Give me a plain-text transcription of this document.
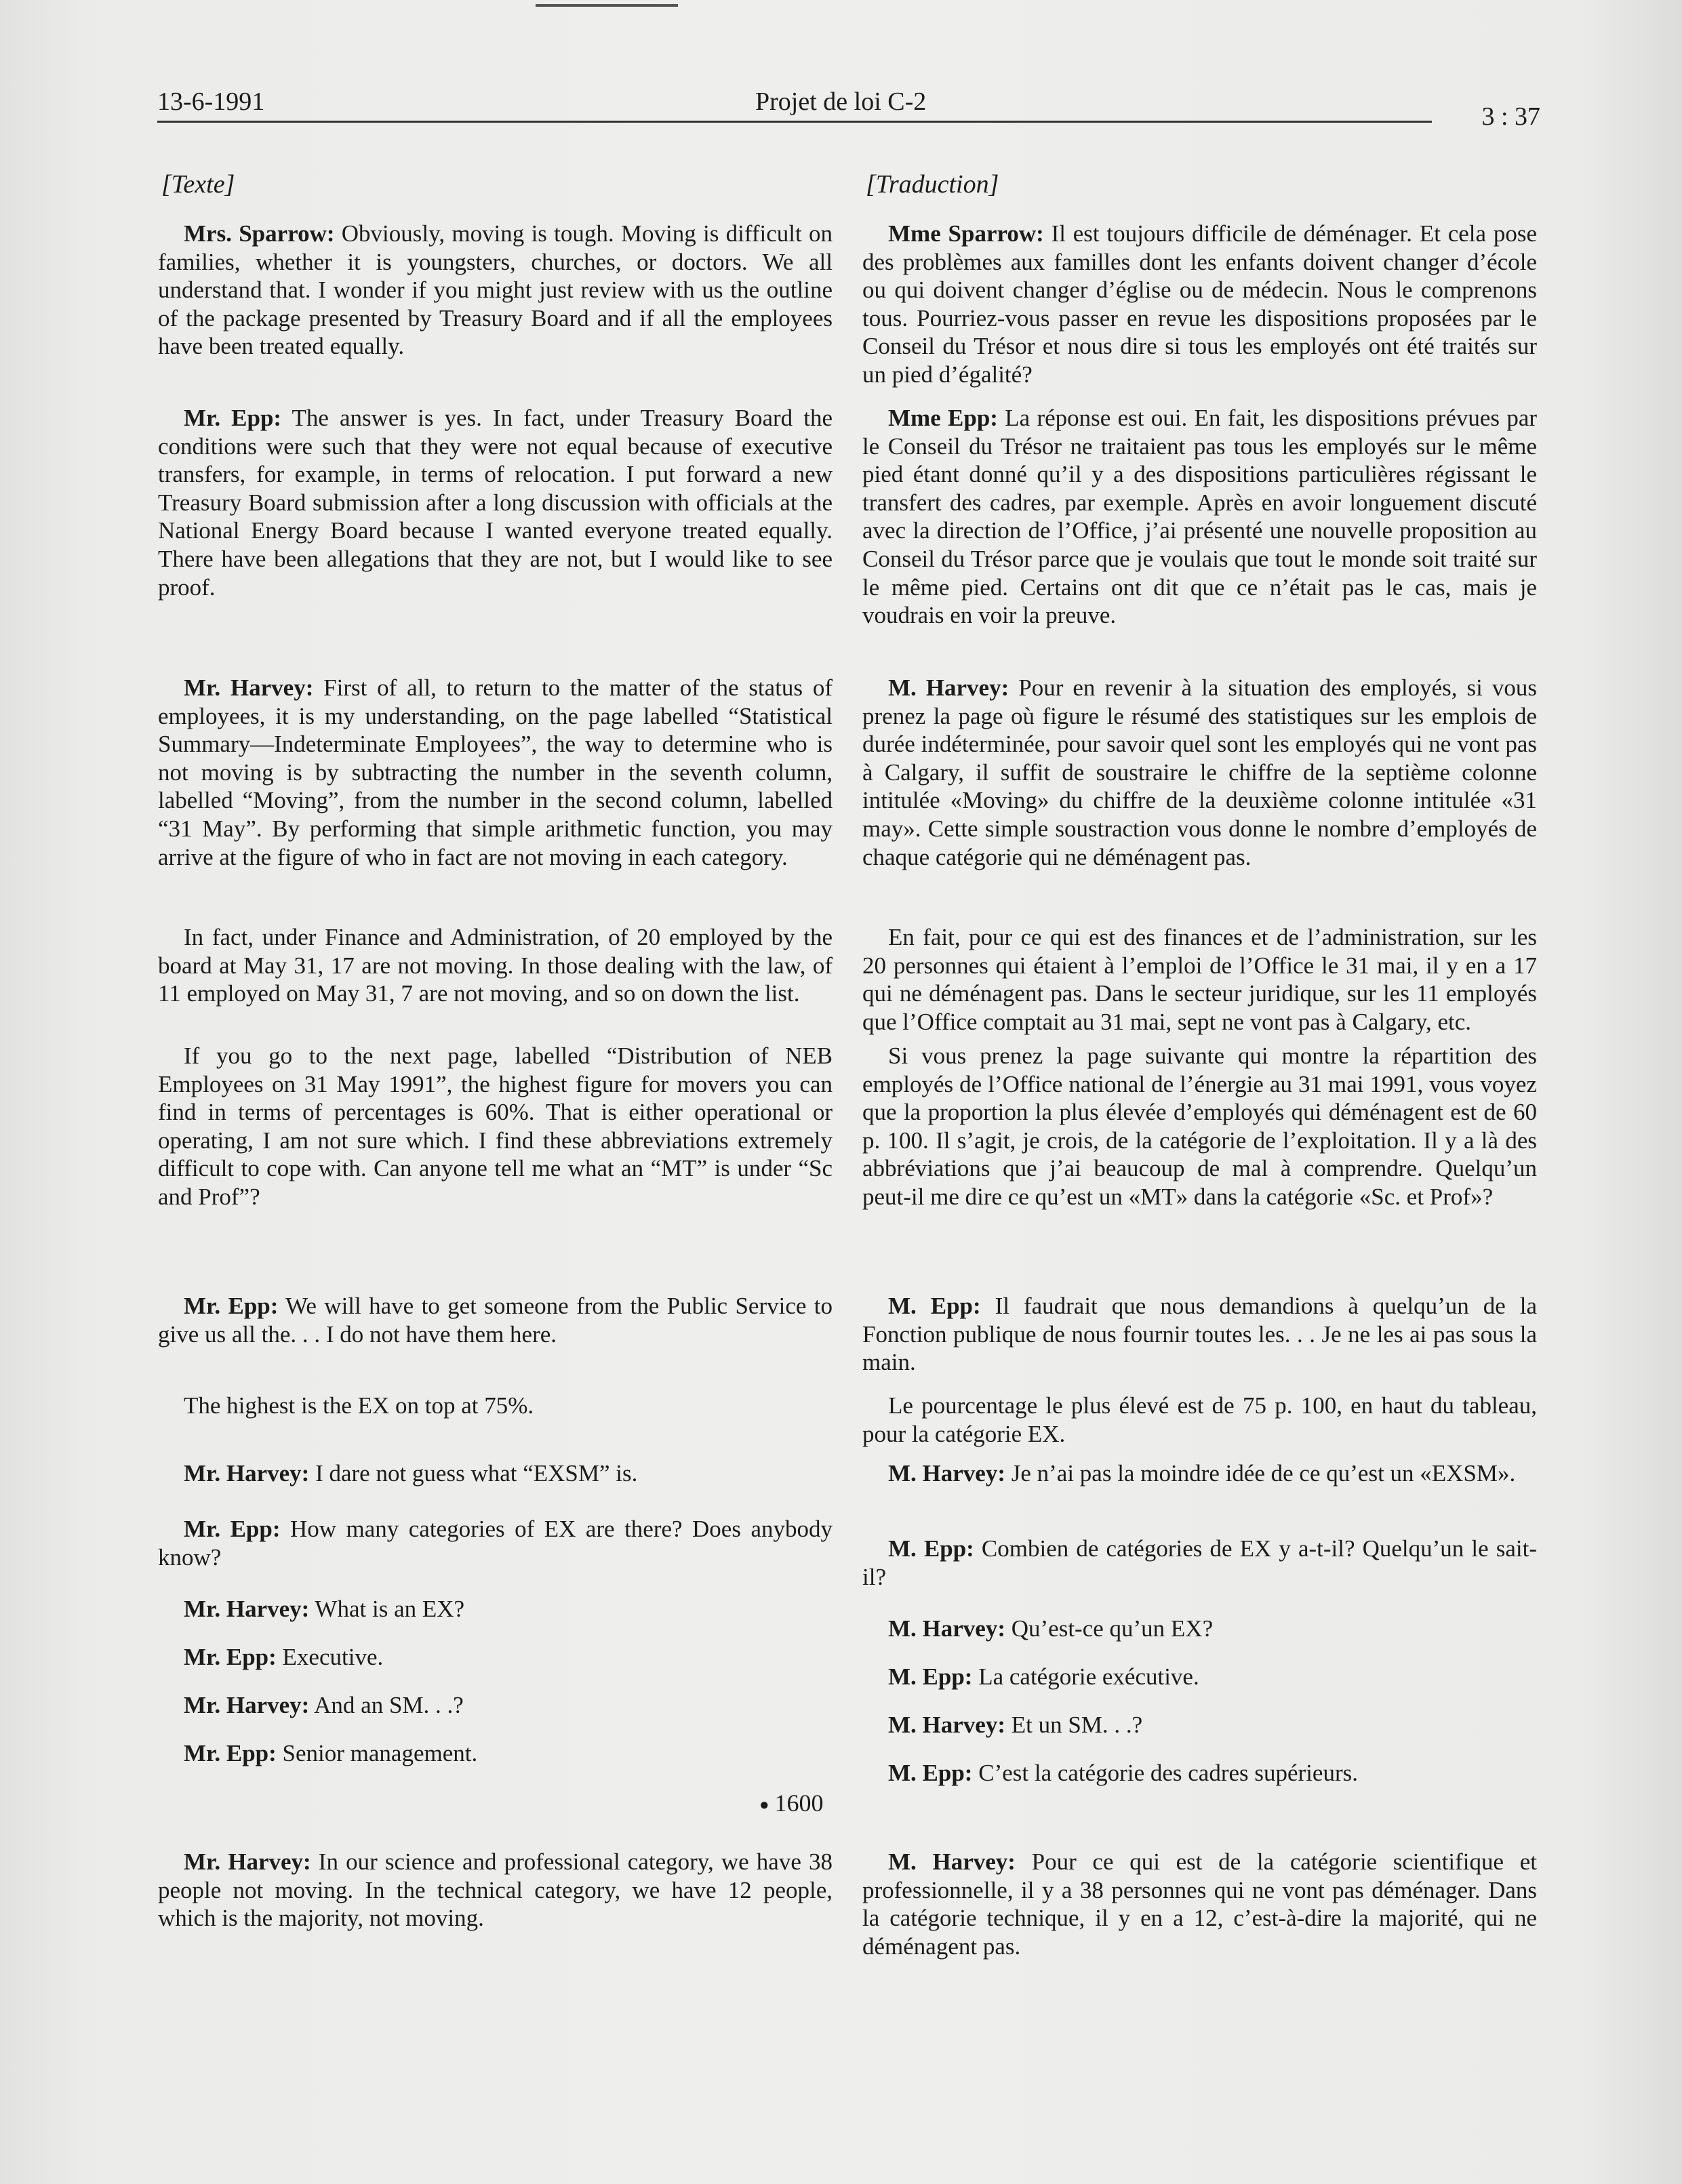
13-6-1991	Projet de loi C-2
3 : 37
[Texte]

Mrs. Sparrow: Obviously, moving is tough. Moving is difficult on families, whether it is youngsters, churches, or doctors. We all understand that. I wonder if you might just review with us the outline of the package presented by Treasury Board and if all the employees have been treated equally.

Mr. Epp: The answer is yes. In fact, under Treasury Board the conditions were such that they were not equal because of executive transfers, for example, in terms of relocation. I put forward a new Treasury Board submission after a long discussion with officials at the National Energy Board because I wanted everyone treated equally. There have been allegations that they are not, but I would like to see proof.

Mr. Harvey: First of all, to return to the matter of the status of employees, it is my understanding, on the page labelled “Statistical Summary—Indeterminate Employees”, the way to determine who is not moving is by subtracting the number in the seventh column, labelled “Moving”, from the number in the second column, labelled “31 May”. By performing that simple arithmetic function, you may arrive at the figure of who in fact are not moving in each category.

In fact, under Finance and Administration, of 20 employed by the board at May 31, 17 are not moving. In those dealing with the law, of 11 employed on May 31, 7 are not moving, and so on down the list.

If you go to the next page, labelled “Distribution of NEB Employees on 31 May 1991”, the highest figure for movers you can find in terms of percentages is 60%. That is either operational or operating, I am not sure which. I find these abbreviations extremely difficult to cope with. Can anyone tell me what an “MT” is under “Sc and Prof”?

Mr. Epp: We will have to get someone from the Public Service to give us all the. . . I do not have them here.

The highest is the EX on top at 75%.

Mr. Harvey: I dare not guess what “EXSM” is.

Mr. Epp: How many categories of EX are there? Does anybody know?

Mr. Harvey: What is an EX?

Mr. Epp: Executive.

Mr. Harvey: And an SM. . .?

Mr. Epp: Senior management.

● 1600

Mr. Harvey: In our science and professional category, we have 38 people not moving. In the technical category, we have 12 people, which is the majority, not moving.

[Traduction]

Mme Sparrow: Il est toujours difficile de déménager. Et cela pose des problèmes aux familles dont les enfants doivent changer d’école ou qui doivent changer d’église ou de médecin. Nous le comprenons tous. Pourriez-vous passer en revue les dispositions proposées par le Conseil du Trésor et nous dire si tous les employés ont été traités sur un pied d’égalité?

Mme Epp: La réponse est oui. En fait, les dispositions prévues par le Conseil du Trésor ne traitaient pas tous les employés sur le même pied étant donné qu’il y a des dispositions particulières régissant le transfert des cadres, par exemple. Après en avoir longuement discuté avec la direction de l’Office, j’ai présenté une nouvelle proposition au Conseil du Trésor parce que je voulais que tout le monde soit traité sur le même pied. Certains ont dit que ce n’était pas le cas, mais je voudrais en voir la preuve.

M. Harvey: Pour en revenir à la situation des employés, si vous prenez la page où figure le résumé des statistiques sur les emplois de durée indéterminée, pour savoir quel sont les employés qui ne vont pas à Calgary, il suffit de soustraire le chiffre de la septième colonne intitulée «Moving» du chiffre de la deuxième colonne intitulée «31 may». Cette simple soustraction vous donne le nombre d’employés de chaque catégorie qui ne déménagent pas.

En fait, pour ce qui est des finances et de l’administration, sur les 20 personnes qui étaient à l’emploi de l’Office le 31 mai, il y en a 17 qui ne déménagent pas. Dans le secteur juridique, sur les 11 employés que l’Office comptait au 31 mai, sept ne vont pas à Calgary, etc.

Si vous prenez la page suivante qui montre la répartition des employés de l’Office national de l’énergie au 31 mai 1991, vous voyez que la proportion la plus élevée d’employés qui déménagent est de 60 p. 100. Il s’agit, je crois, de la catégorie de l’exploitation. Il y a là des abbréviations que j’ai beaucoup de mal à comprendre. Quelqu’un peut-il me dire ce qu’est un «MT» dans la catégorie «Sc. et Prof»?

M. Epp: Il faudrait que nous demandions à quelqu’un de la Fonction publique de nous fournir toutes les. . . Je ne les ai pas sous la main.

Le pourcentage le plus élevé est de 75 p. 100, en haut du tableau, pour la catégorie EX.

M. Harvey: Je n’ai pas la moindre idée de ce qu’est un «EXSM».

M. Epp: Combien de catégories de EX y a-t-il? Quelqu’un le sait-il?

M. Harvey: Qu’est-ce qu’un EX?

M. Epp: La catégorie exécutive.

M. Harvey: Et un SM. . .?

M. Epp: C’est la catégorie des cadres supérieurs.

M. Harvey: Pour ce qui est de la catégorie scientifique et professionnelle, il y a 38 personnes qui ne vont pas déménager. Dans la catégorie technique, il y en a 12, c’est-à-dire la majorité, qui ne déménagent pas.
